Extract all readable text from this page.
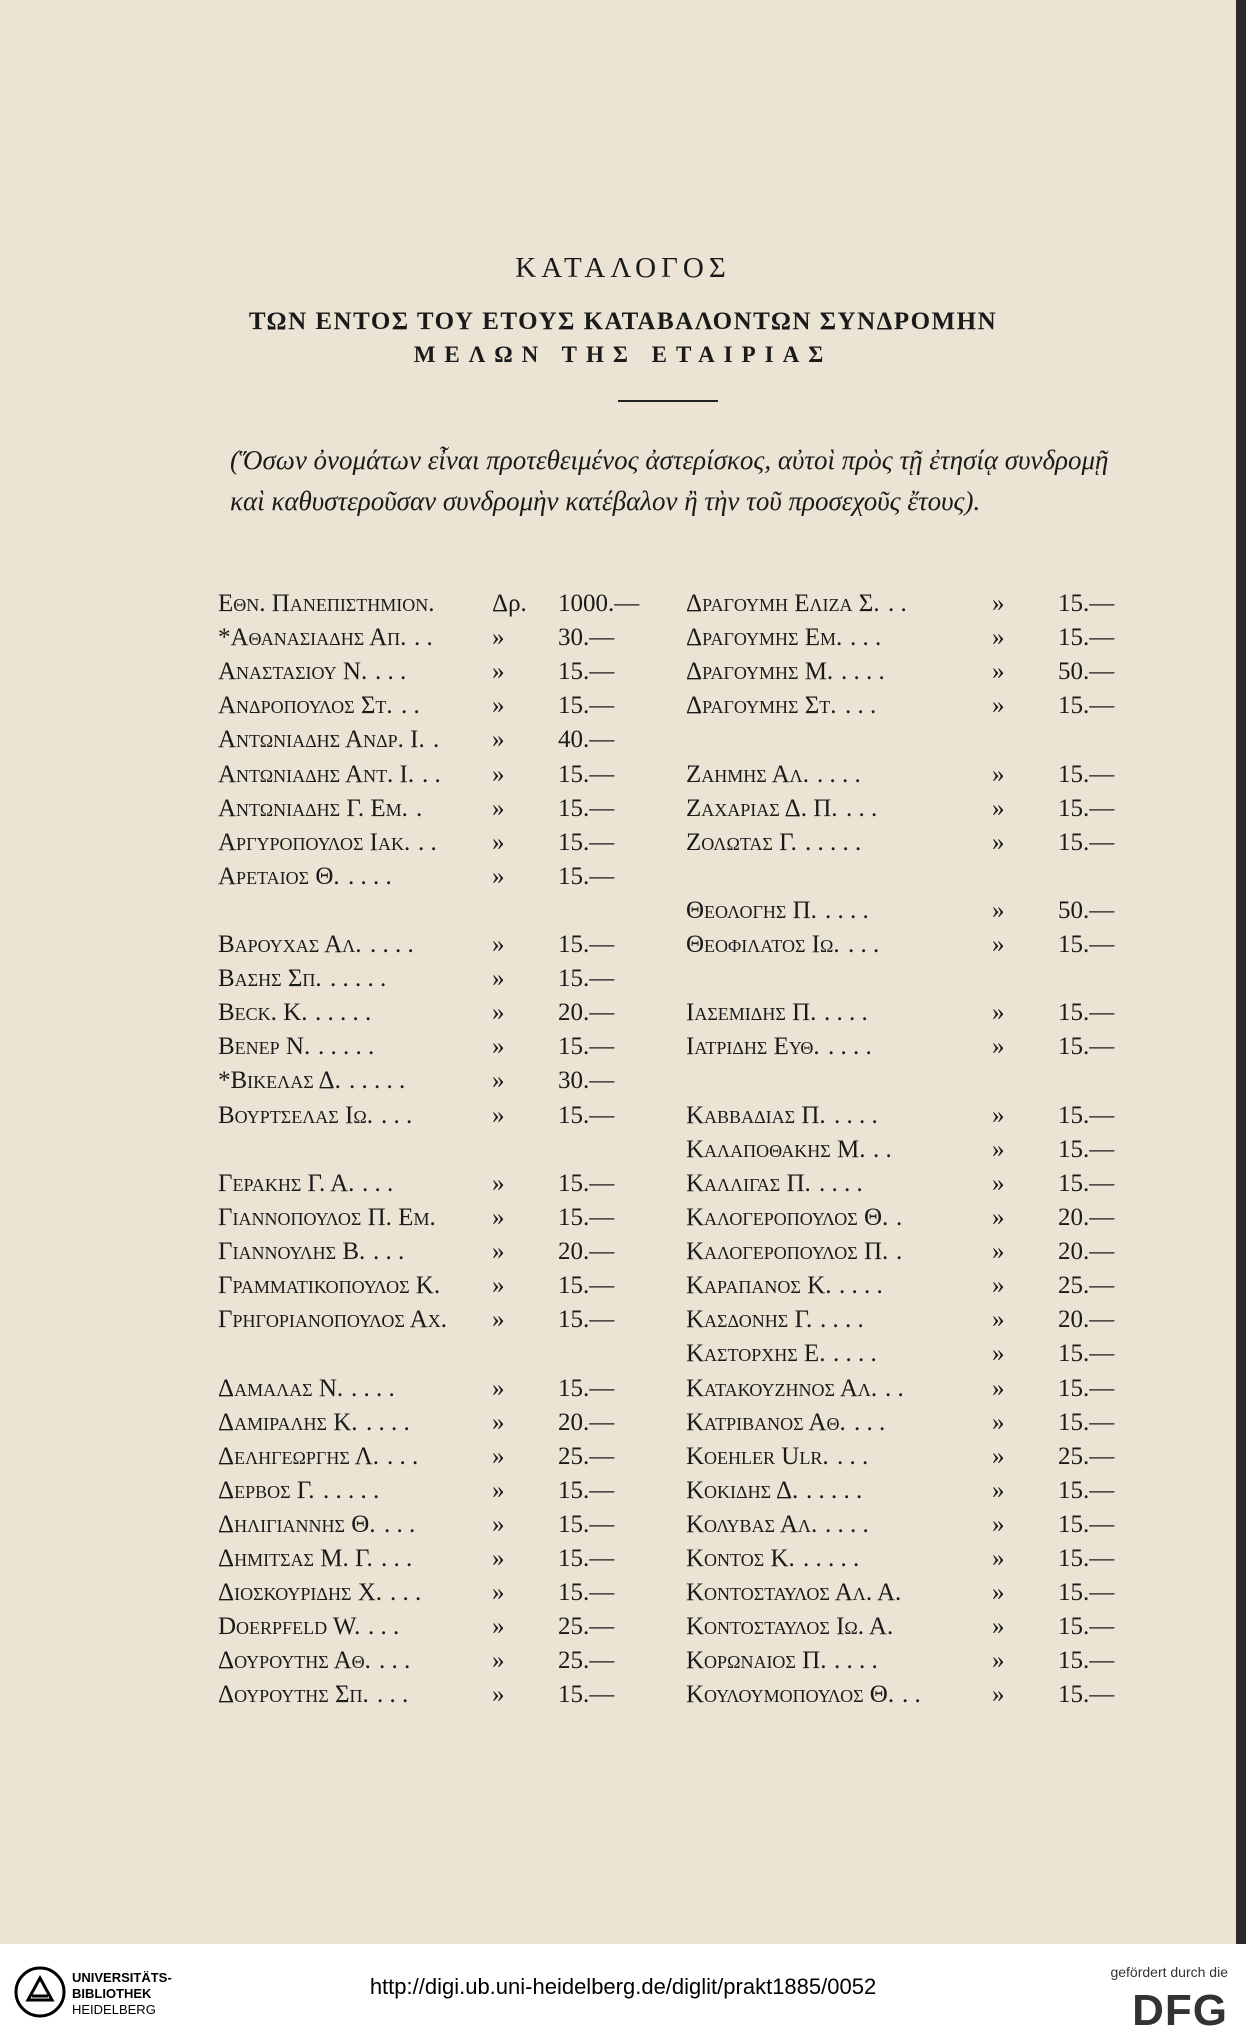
ΚΑΤΑΛΟΓΟΣ
ΤΩΝ ΕΝΤΟΣ ΤΟΥ ΕΤΟΥΣ ΚΑΤΑΒΑΛΟΝΤΩΝ ΣΥΝΔΡΟΜΗΝ
ΜΕΛΩΝ ΤΗΣ ΕΤΑΙΡΙΑΣ
(Ὅσων ὀνομάτων εἶναι προτεθειμένος ἀστερίσκος, αὐτοὶ πρὸς τῇ ἐτησίᾳ συνδρομῇ καὶ καθυστεροῦσαν συνδρομὴν κατέβαλον ἢ τὴν τοῦ προσεχοῦς ἔτους).
Εθν. Πανεπιστημιον. Δρ. 1000.—
*Αθανασιαδης Απ. . . » 30.—
Αναστασιου Ν. . . .	» 15.—
Ανδροπουλος Στ. . .	» 15.—
Αντωνιαδης Ανδρ. Ι. . » 40.—
Αντωνιαδης Αντ. Ι. . . » 15.—
Αντωνιαδης Γ. Εμ. .	» 15.—
Αργυροπουλος Ιακ. . . » 15.—
Αρεταιος Θ. . . . .	» 15.—
Βαρουχας Αλ. . . . .	» 15.—
Βασης Σπ. . . . . .	» 15.—
Beck. K. . . . . .	» 20.—
Benep N. . . . . .	» 15.—
*Βικελας Δ. . . . . .	» 30.—
Βουρτσελας Ιω. . . .	» 15.—
Γερακης Γ. Α. . . .	» 15.—
Γιαννοπουλος Π. Εμ. » 15.—
Γιαννουλης Β. . . .	» 20.—
Γραμματικοπουλος Κ. » 15.—
Γρηγοριανοπουλος Αχ. » 15.—
Δαμαλας Ν. . . . .	» 15.—
Δαμιραλης Κ. . . . .	» 20.—
Δεληγεωργης Λ. . . .	» 25.—
Δερβος Γ. . . . . .	» 15.—
Δηλιγιαννης Θ. . . .	» 15.—
Δημιτσας Μ. Γ. . . .	» 15.—
Διοσκουριδης Χ. . . .	» 15.—
Doerpfeld W. . . .	» 25.—
Δουρουτης Αθ. . . .	» 25.—
Δουρουτης Σπ. . . .	» 15.—
Δραγουμη Ελιζα Σ. . .	» 15.—
Δραγουμης Εμ. . . .	» 15.—
Δραγουμης Μ. . . . .	» 50.—
Δραγουμης Στ. . . .	» 15.—
Ζαημης Αλ. . . . .	» 15.—
Ζαχαριας Δ. Π. . . .	» 15.—
Ζολωτας Γ. . . . . .	» 15.—
Θεολογης Π. . . . .	» 50.—
Θεοφιλατος Ιω. . . .	» 15.—
Ιασεμιδης Π. . . . .	» 15.—
Ιατριδης Ευθ. . . . .	» 15.—
Καββαδιας Π. . . . .	» 15.—
Καλαποθακης Μ. . .	» 15.—
Καλλιγας Π. . . . .	» 15.—
Καλογεροπουλος Θ. .	» 20.—
Καλογεροπουλος Π. .	» 20.—
Καραπανος Κ. . . . .	» 25.—
Κασδονης Γ. . . . .	» 20.—
Καστορχης Ε. . . . .	» 15.—
Κατακουζηνος Αλ. . .	» 15.—
Κατριβανος Αθ. . . .	» 15.—
Koehler Ulr. . . .	» 25.—
Κοκιδης Δ. . . . . .	» 15.—
Κολυβας Αλ. . . . .	» 15.—
Κοντος Κ. . . . . .	» 15.—
Κοντοσταυλος Αλ. Α.	» 15.—
Κοντοσταυλος Ιω. Α.	» 15.—
Κορωναιος Π. . . . .	» 15.—
Κουλουμοπουλος Θ. . .	» 15.—
UNIVERSITÄTS-
BIBLIOTHEK
HEIDELBERG
http://digi.ub.uni-heidelberg.de/diglit/prakt1885/0052
gefördert durch die
DFG
